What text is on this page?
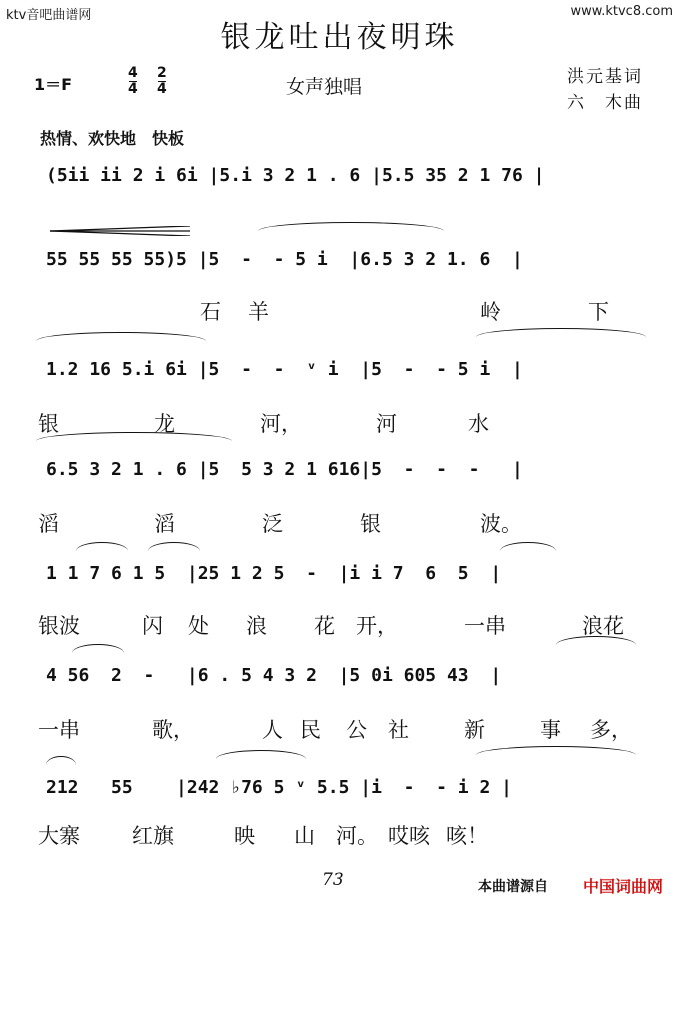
ktv音吧曲谱网	www.ktvc8.com
银龙吐出夜明珠
1＝F
4
4
2
4	女声独唱	洪元基词
六　木曲
热情、欢快地　快板
(5ii ii 2 i 6i |5.i 3 2 1 . 6 |5.5 35 2 1 76 |
55 55 55 55)5 |5  -  - 5 i  |6.5 3 2 1. 6  |

石

羊

	岭

	下

1.2 16 5.i 6i |5  -  -  ᵛ i  |5  -  - 5 i  |

银

	龙

	河，

	河

	水

6.5 3 2 1 . 6 |5  5 3 2 1 616|5  -  -  -   |

滔

	滔

	泛

	银

	波。

1 1 7 6 1 5  |25 1 2 5  -  |i i 7  6  5  |

银波

	闪

处

浪

花

开，

	一串

	浪花

4 56  2  -   |6 . 5 4 3 2  |5 0i 605 43  |

一串

	歌，

	人

民

公

社

	新

	事

多，

212   55    |242 ♭76 5 ᵛ 5.5 |i  -  - i 2 |

大寨

红旗

	映

山

河。

哎咳

咳！

73	本曲谱源自 中国词曲网
